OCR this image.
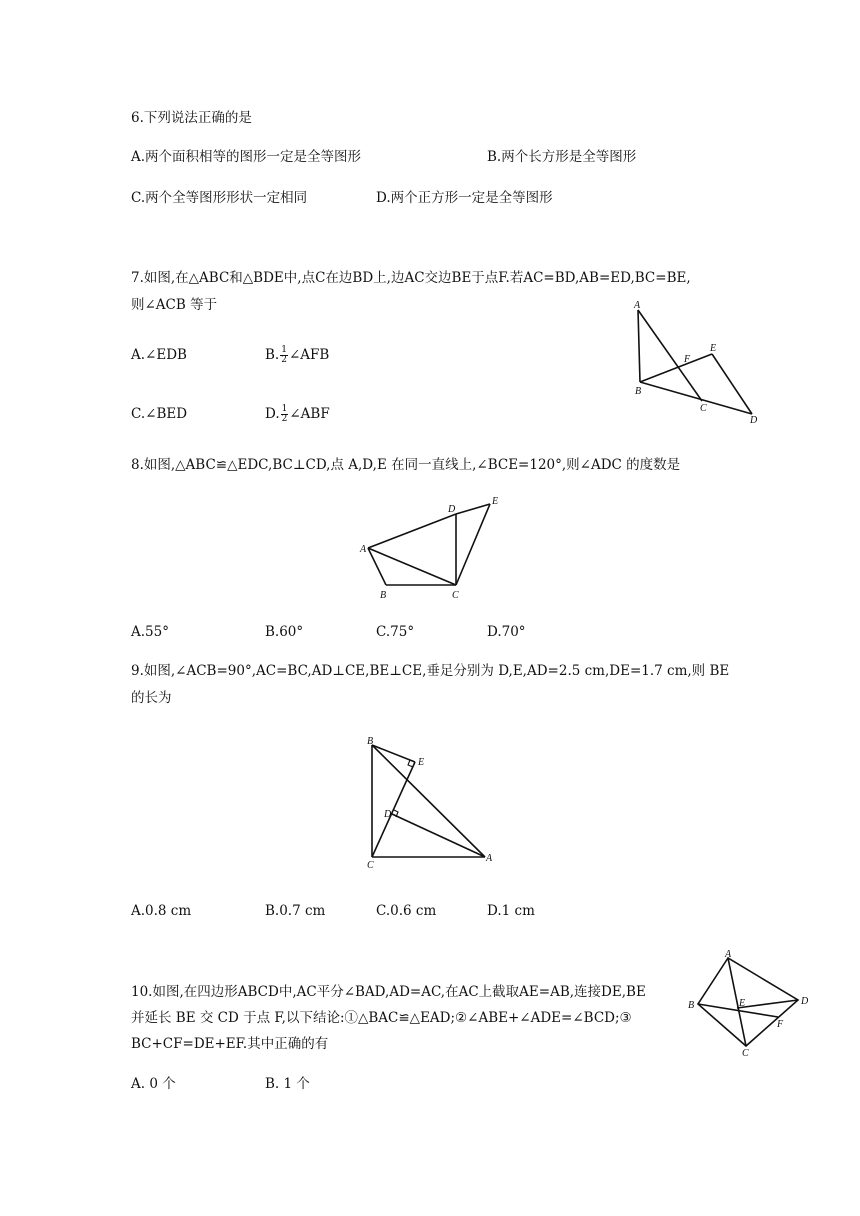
6.下列说法正确的是
A.两个面积相等的图形一定是全等图形	B.两个长方形是全等图形
C.两个全等图形形状一定相同	D.两个正方形一定是全等图形
7.如图,在△ABC和△BDE中,点C在边BD上,边AC交边BE于点F.若AC=BD,AB=ED,BC=BE,
则∠ACB 等于
A.∠EDB	B. $\frac{1}{2}$ ∠AFB
C.∠BED	D. $\frac{1}{2}$ ∠ABF
A
B
C
D
E
F
8.如图,△ABC≌△EDC,BC⊥CD,点 A,D,E 在同一直线上,∠BCE=120°,则∠ADC 的度数是
A
B	C
D
E
A.55°	B.60°	C.75°	D.70°
9.如图,∠ACB=90°,AC=BC,AD⊥CE,BE⊥CE,垂足分别为 D,E,AD=2.5 cm,DE=1.7 cm,则 BE
的长为
B
C
A
E
D
A.0.8 cm	B.0.7 cm	C.0.6 cm	D.1 cm
10.如图,在四边形ABCD中,AC平分∠BAD,AD=AC,在AC上截取AE=AB,连接DE,BE
并延长 BE 交 CD 于点 F,以下结论:①△BAC≌△EAD;②∠ABE+∠ADE=∠BCD;③
BC+CF=DE+EF.其中正确的有
A
B
C
D
E
F
A. 0 个	B. 1 个
